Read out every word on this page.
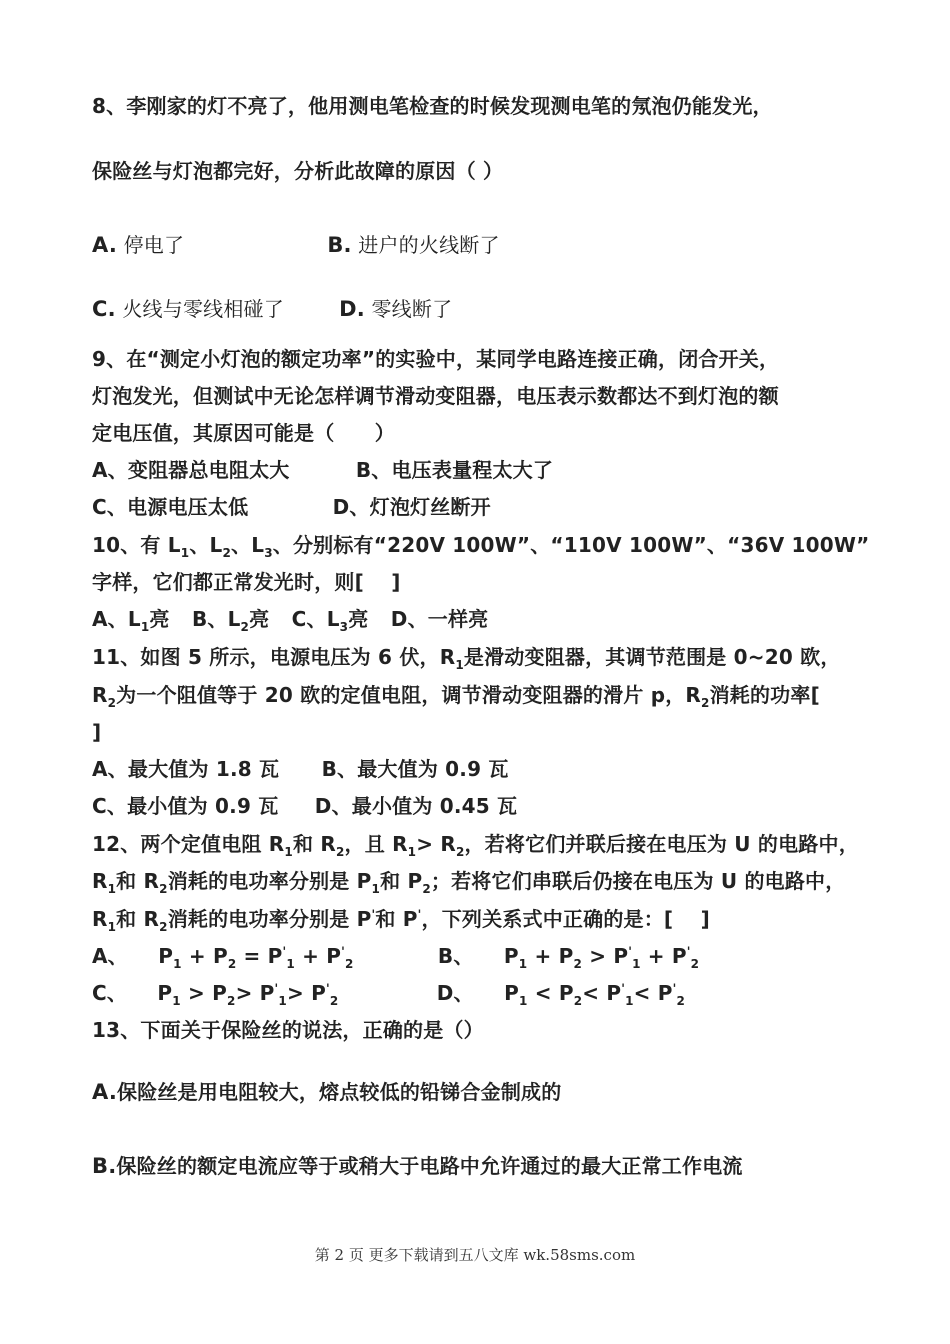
8、李刚家的灯不亮了，他用测电笔检查的时候发现测电笔的氖泡仍能发光，
保险丝与灯泡都完好，分析此故障的原因（ ）
A. 停电了	B. 进户的火线断了
C. 火线与零线相碰了	D. 零线断了
9、在“测定小灯泡的额定功率”的实验中，某同学电路连接正确，闭合开关，
灯泡发光，但测试中无论怎样调节滑动变阻器，电压表示数都达不到灯泡的额
定电压值，其原因可能是（　　）
A、变阻器总电阻太大	B、电压表量程太大了
C、电源电压太低	D、灯泡灯丝断开
10、有 $L_1$、$L_2$、$L_3$、分别标有“220V 100W”、“110V 100W”、“36V 100W”
字样，它们都正常发光时，则[　 ]
A、$L_1$亮 B、$L_2$亮 C、$L_3$亮 D、一样亮
11、如图 5 所示，电源电压为 6 伏，$R_1$是滑动变阻器，其调节范围是 0~20 欧，
$R_2$为一个阻值等于 20 欧的定值电阻，调节滑动变阻器的滑片 p，$R_2$消耗的功率[
]
A、最大值为 1.8 瓦 B、最大值为 0.9 瓦
C、最小值为 0.9 瓦 D、最小值为 0.45 瓦
12、两个定值电阻 $R_1$和 $R_2$，且 $R_1> R_2$，若将它们并联后接在电压为 U 的电路中，
$R_1$和 $R_2$消耗的电功率分别是 $P_1$和 $P_2$；若将它们串联后仍接在电压为 U 的电路中，
$R_1$和 $R_2$消耗的电功率分别是 P'和 P'，下列关系式中正确的是：[　 ]
A、 $P_1 + P_2 = P'_1 + P'_2$	B、 $P_1 + P_2 > P'_1 + P'_2$
C、 $P_1 > P_2> P'_1> P'_2$	D、 $P_1 < P_2< P'_1< P'_2$
13、下面关于保险丝的说法，正确的是（）
A.保险丝是用电阻较大，熔点较低的铅锑合金制成的
B.保险丝的额定电流应等于或稍大于电路中允许通过的最大正常工作电流
第 2 页 更多下载请到五八文库 wk.58sms.com
